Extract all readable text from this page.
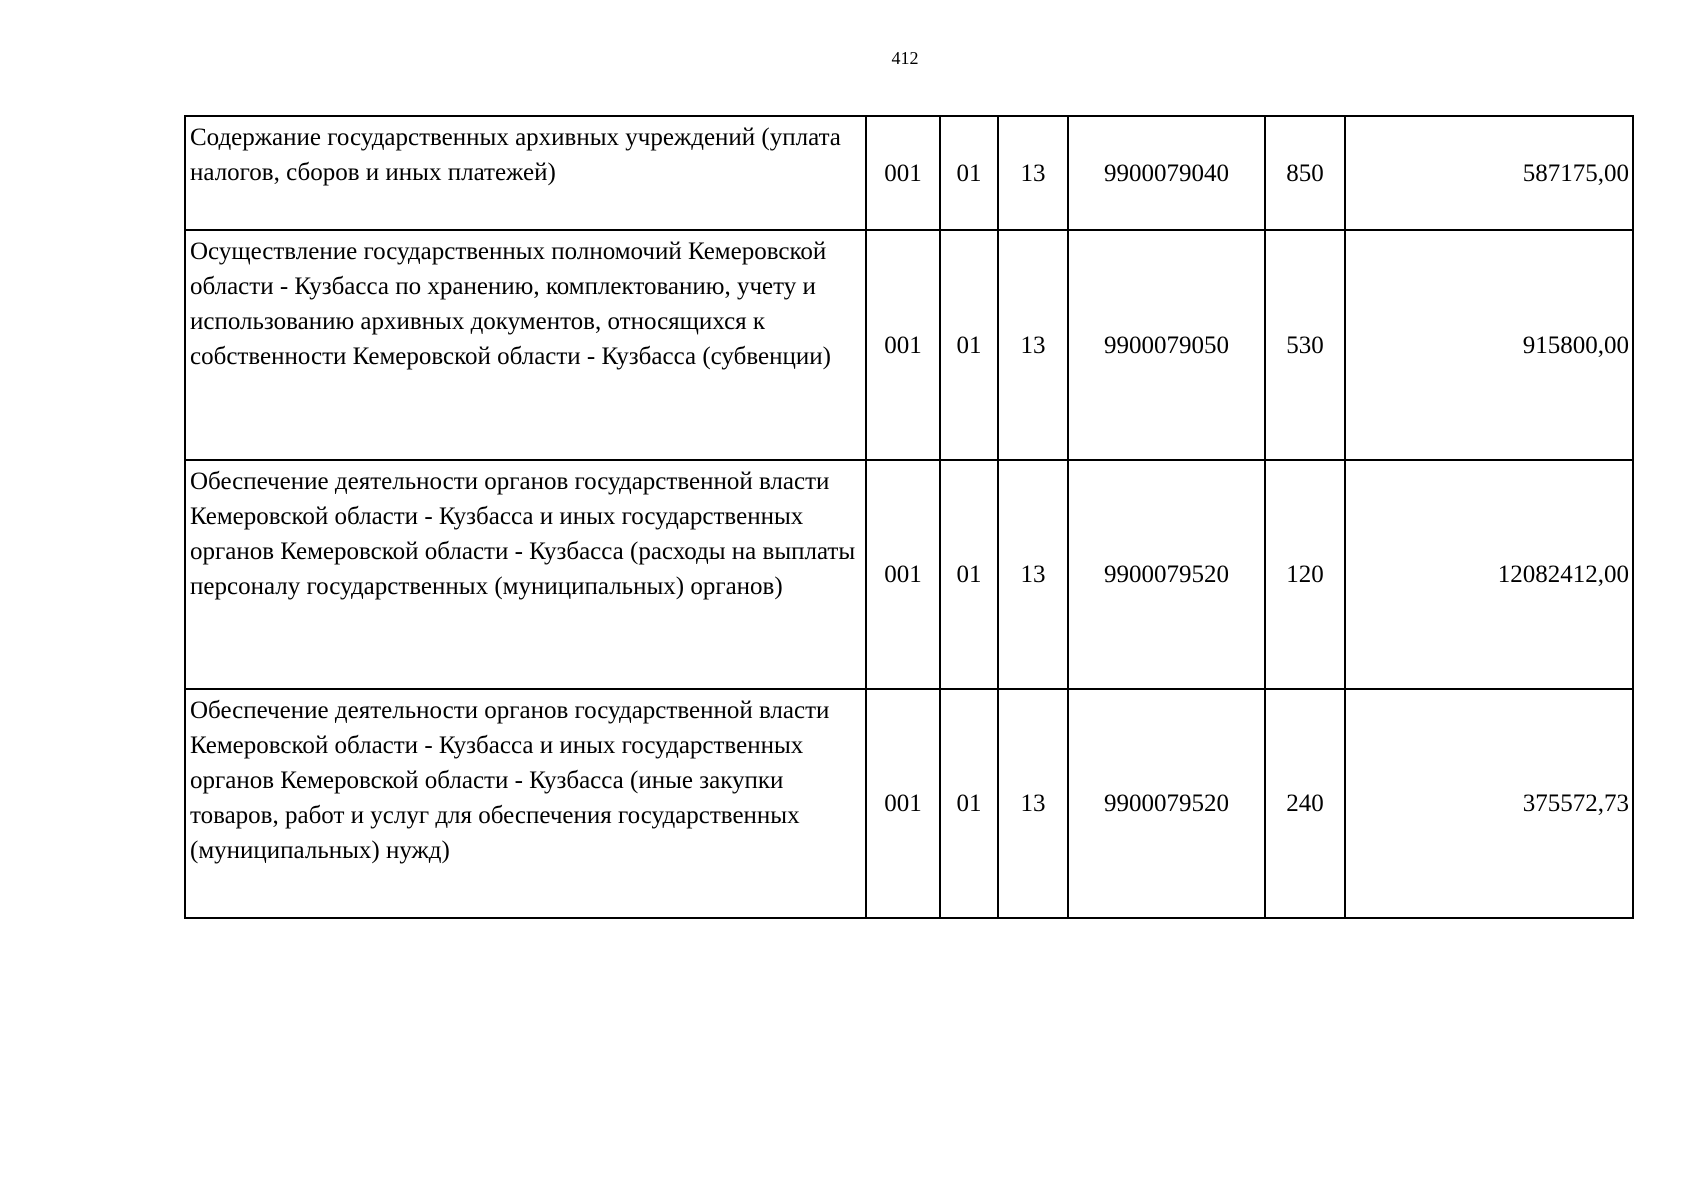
412
Содержание государственных архивных учреждений (уплата налогов, сборов и иных платежей)	001	01	13	9900079040	850	587175,00
Осуществление государственных полномочий Кемеровской области - Кузбасса по хранению, комплектованию, учету и использованию архивных документов, относящихся к собственности Кемеровской области - Кузбасса (субвенции)	001	01	13	9900079050	530	915800,00
Обеспечение деятельности органов государственной власти Кемеровской области - Кузбасса и иных государственных органов Кемеровской области - Кузбасса (расходы на выплаты персоналу государственных (муниципальных) органов)	001	01	13	9900079520	120	12082412,00
Обеспечение деятельности органов государственной власти Кемеровской области - Кузбасса и иных государственных органов Кемеровской области - Кузбасса (иные закупки товаров, работ и услуг для обеспечения государственных (муниципальных) нужд)	001	01	13	9900079520	240	375572,73
